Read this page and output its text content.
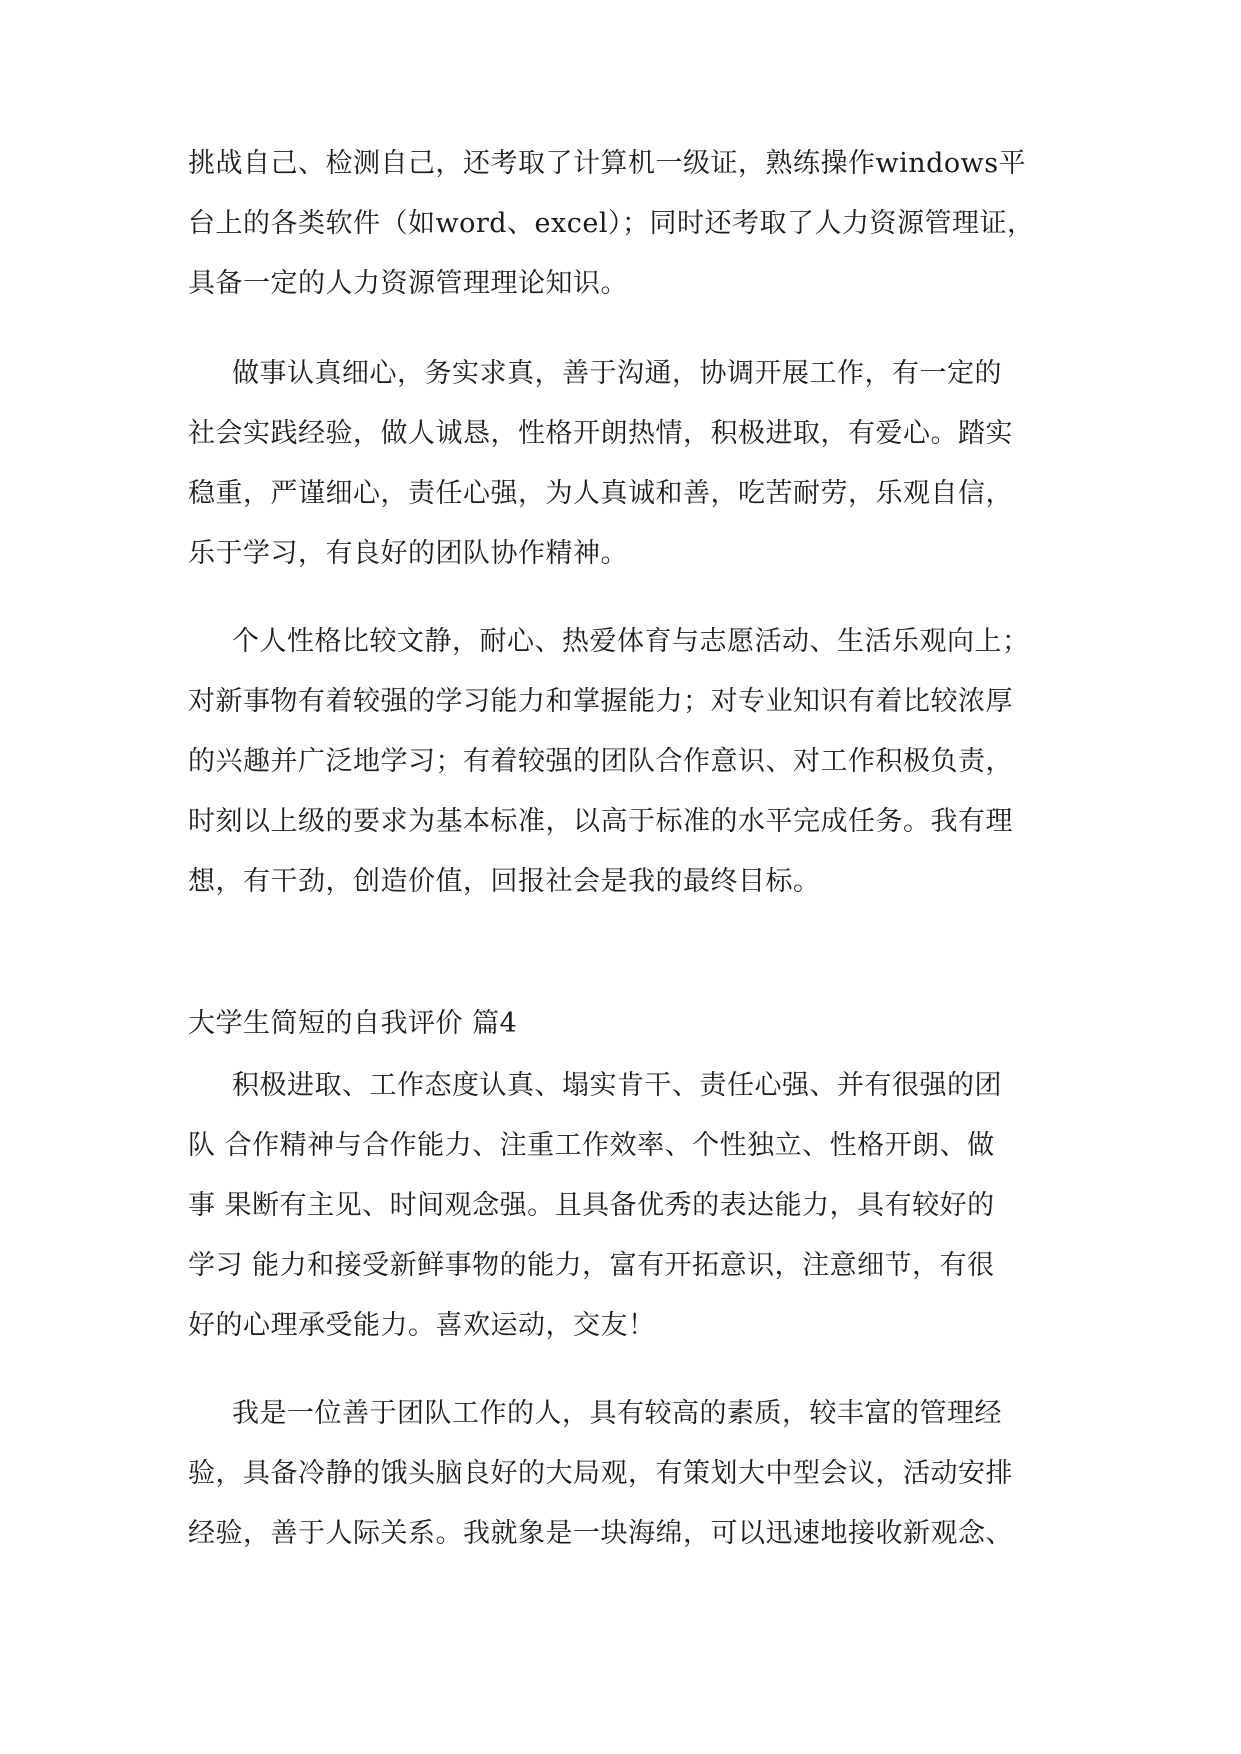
挑战自己、检测自己，还考取了计算机一级证，熟练操作windows平
台上的各类软件（如word、excel）；同时还考取了人力资源管理证，
具备一定的人力资源管理理论知识。
做事认真细心，务实求真，善于沟通，协调开展工作，有一定的
社会实践经验，做人诚恳，性格开朗热情，积极进取，有爱心。踏实
稳重，严谨细心，责任心强，为人真诚和善，吃苦耐劳，乐观自信，
乐于学习，有良好的团队协作精神。
个人性格比较文静，耐心、热爱体育与志愿活动、生活乐观向上；
对新事物有着较强的学习能力和掌握能力；对专业知识有着比较浓厚
的兴趣并广泛地学习；有着较强的团队合作意识、对工作积极负责，
时刻以上级的要求为基本标准，以高于标准的水平完成任务。我有理
想，有干劲，创造价值，回报社会是我的最终目标。
大学生简短的自我评价 篇4
积极进取、工作态度认真、塌实肯干、责任心强、并有很强的团
队 合作精神与合作能力、注重工作效率、个性独立、性格开朗、做
事 果断有主见、时间观念强。且具备优秀的表达能力，具有较好的
学习 能力和接受新鲜事物的能力，富有开拓意识，注意细节，有很
好的心理承受能力。喜欢运动，交友！
我是一位善于团队工作的人，具有较高的素质，较丰富的管理经
验，具备冷静的饿头脑良好的大局观，有策划大中型会议，活动安排
经验，善于人际关系。我就象是一块海绵，可以迅速地接收新观念、
